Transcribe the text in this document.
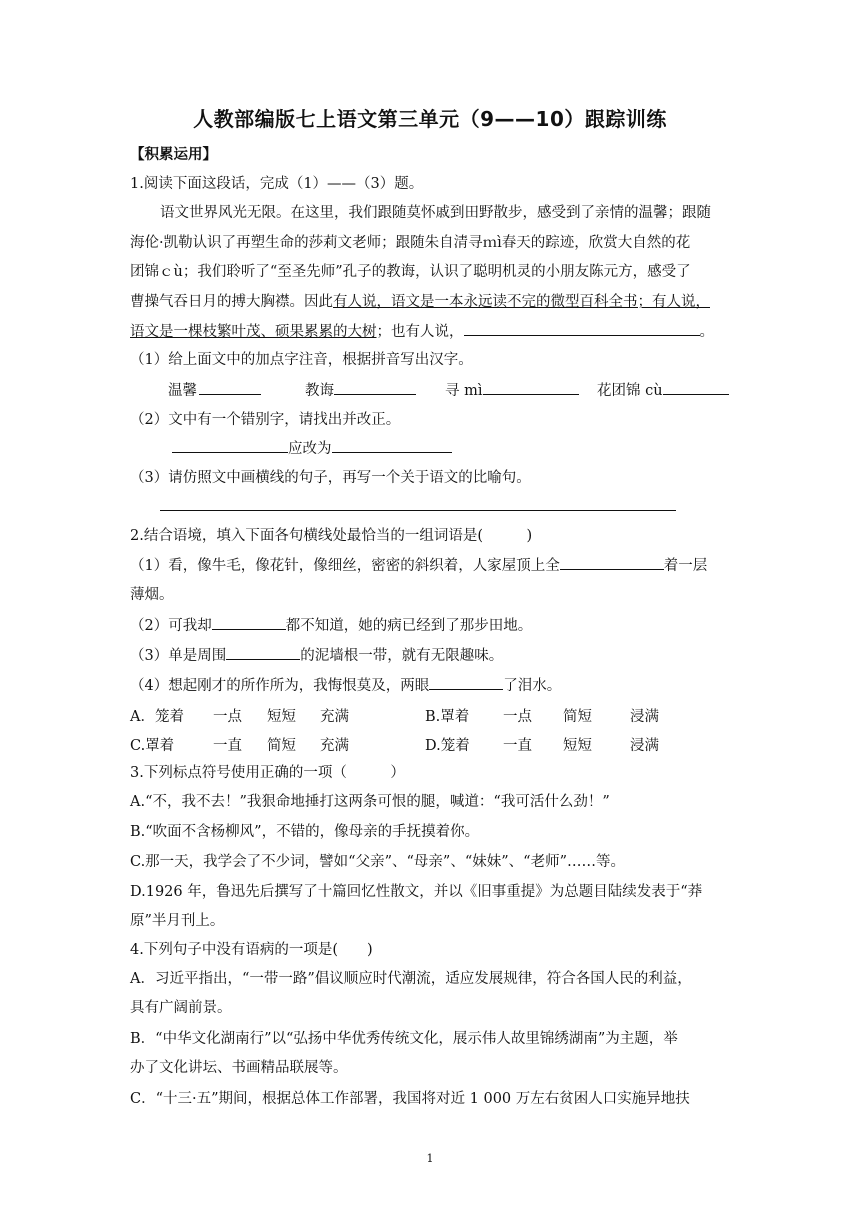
人教部编版七上语文第三单元（9——10）跟踪训练
【积累运用】
1.阅读下面这段话，完成（1）——（3）题。
语文世界风光无限。在这里，我们跟随莫怀戚到田野散步，感受到了亲情的温馨；跟随
海伦·凯勒认识了再塑生命的莎莉文老师；跟随朱自清寻ｍì春天的踪迹，欣赏大自然的花
团锦ｃù；我们聆听了“至圣先师”孔子的教诲，认识了聪明机灵的小朋友陈元方，感受了
曹操气吞日月的搏大胸襟。因此有人说，语文是一本永远读不完的微型百科全书；有人说，
语文是一棵枝繁叶茂、硕果累累的大树；也有人说，	。
（1）给上面文中的加点字注音，根据拼音写出汉字。
温馨	教诲	寻 mì	花团锦 cù
（2）文中有一个错别字，请找出并改正。
应改为
（3）请仿照文中画横线的句子，再写一个关于语文的比喻句。
2.结合语境，填入下面各句横线处最恰当的一组词语是(　　　)
（1）看，像牛毛，像花针，像细丝，密密的斜织着，人家屋顶上全	着一层
薄烟。
（2）可我却	都不知道，她的病已经到了那步田地。
（3）单是周围	的泥墙根一带，就有无限趣味。
（4）想起刚才的所作所为，我悔恨莫及，两眼	了泪水。
A．笼着 一点 短短 充满	B.罩着 一点 简短	浸满
C.罩着	一直 简短 充满	D.笼着 一直 短短	浸满
3.下列标点符号使用正确的一项（　　　）
A.“不，我不去！”我狠命地捶打这两条可恨的腿，喊道：“我可活什么劲！”
B.“吹面不含杨柳风”，不错的，像母亲的手抚摸着你。
C.那一天，我学会了不少词，譬如“父亲”、“母亲”、“妹妹”、“老师”……等。
D.1926 年，鲁迅先后撰写了十篇回忆性散文，并以《旧事重提》为总题目陆续发表于“莽
原”半月刊上。
4.下列句子中没有语病的一项是(　　)
A．习近平指出，“一带一路”倡议顺应时代潮流，适应发展规律，符合各国人民的利益，
具有广阔前景。
B．“中华文化湖南行”以“弘扬中华优秀传统文化，展示伟人故里锦绣湖南”为主题，举
办了文化讲坛、书画精品联展等。
C．“十三·五”期间，根据总体工作部署，我国将对近 1 000 万左右贫困人口实施异地扶
1
